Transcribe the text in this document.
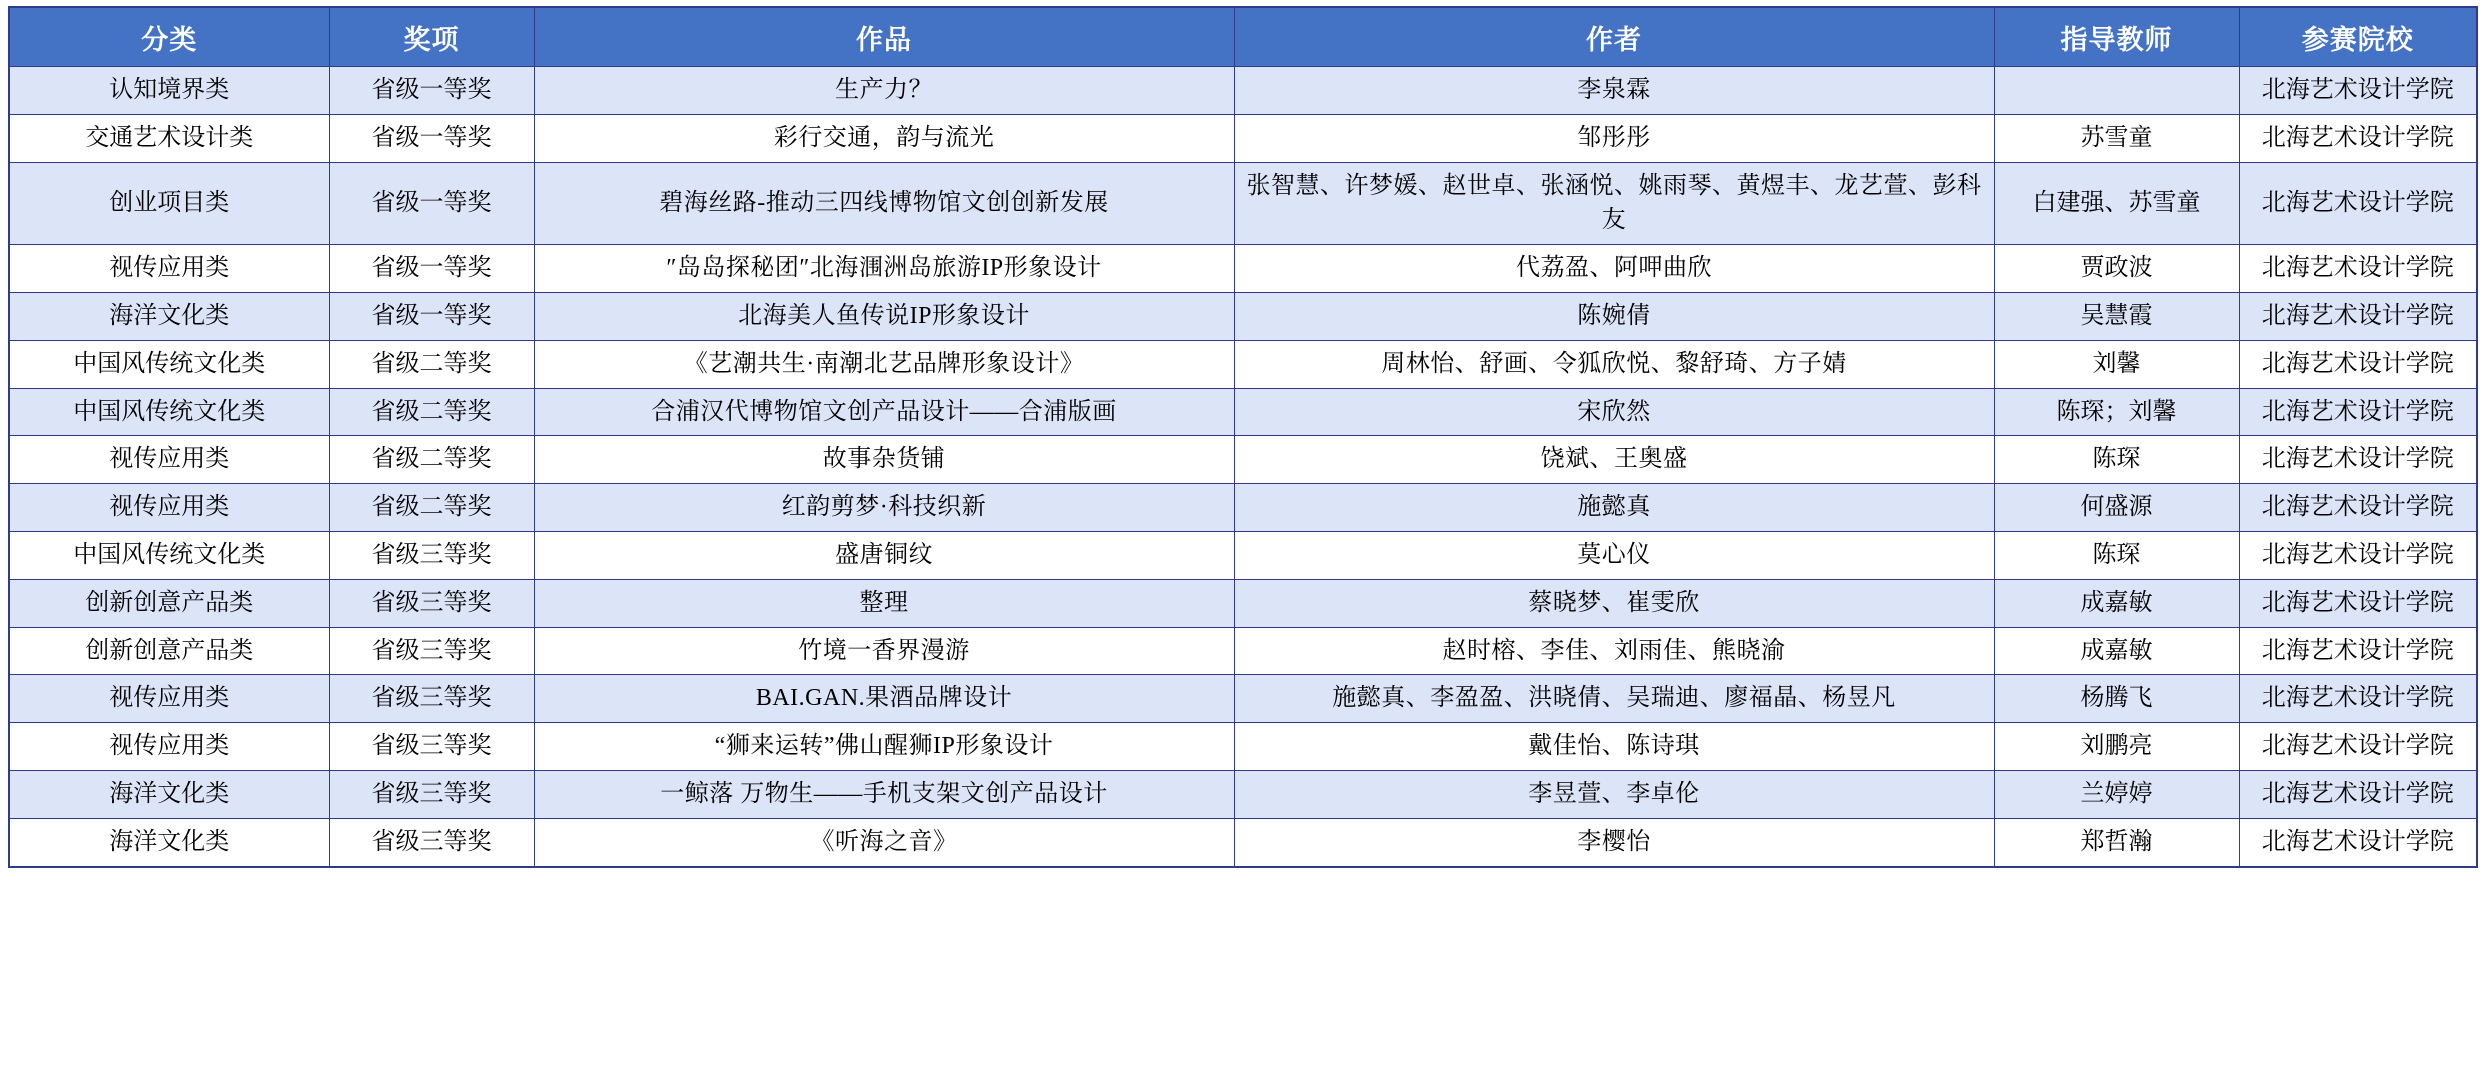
分类	奖项	作品	作者	指导教师	参赛院校
认知境界类	省级一等奖	生产力？	李泉霖		北海艺术设计学院
交通艺术设计类	省级一等奖	彩行交通，韵与流光	邹彤彤	苏雪童	北海艺术设计学院
创业项目类	省级一等奖	碧海丝路-推动三四线博物馆文创创新发展	张智慧、许梦媛、赵世卓、张涵悦、姚雨琴、黄煜丰、龙艺萱、彭科友	白建强、苏雪童	北海艺术设计学院
视传应用类	省级一等奖	″岛岛探秘团″北海涠洲岛旅游IP形象设计	代荔盈、阿呷曲欣	贾政波	北海艺术设计学院
海洋文化类	省级一等奖	北海美人鱼传说IP形象设计	陈婉倩	吴慧霞	北海艺术设计学院
中国风传统文化类	省级二等奖	《艺潮共生·南潮北艺品牌形象设计》	周林怡、舒画、令狐欣悦、黎舒琦、方子婧	刘馨	北海艺术设计学院
中国风传统文化类	省级二等奖	合浦汉代博物馆文创产品设计——合浦版画	宋欣然	陈琛；刘馨	北海艺术设计学院
视传应用类	省级二等奖	故事杂货铺	饶斌、王奥盛	陈琛	北海艺术设计学院
视传应用类	省级二等奖	红韵剪梦·科技织新	施懿真	何盛源	北海艺术设计学院
中国风传统文化类	省级三等奖	盛唐铜纹	莫心仪	陈琛	北海艺术设计学院
创新创意产品类	省级三等奖	整理	蔡晓梦、崔雯欣	成嘉敏	北海艺术设计学院
创新创意产品类	省级三等奖	竹境一香界漫游	赵时榕、李佳、刘雨佳、熊晓渝	成嘉敏	北海艺术设计学院
视传应用类	省级三等奖	BAI.GAN.果酒品牌设计	施懿真、李盈盈、洪晓倩、吴瑞迪、廖福晶、杨昱凡	杨腾飞	北海艺术设计学院
视传应用类	省级三等奖	“狮来运转”佛山醒狮IP形象设计	戴佳怡、陈诗琪	刘鹏亮	北海艺术设计学院
海洋文化类	省级三等奖	一鲸落 万物生——手机支架文创产品设计	李昱萱、李卓伦	兰婷婷	北海艺术设计学院
海洋文化类	省级三等奖	《听海之音》	李樱怡	郑哲瀚	北海艺术设计学院
